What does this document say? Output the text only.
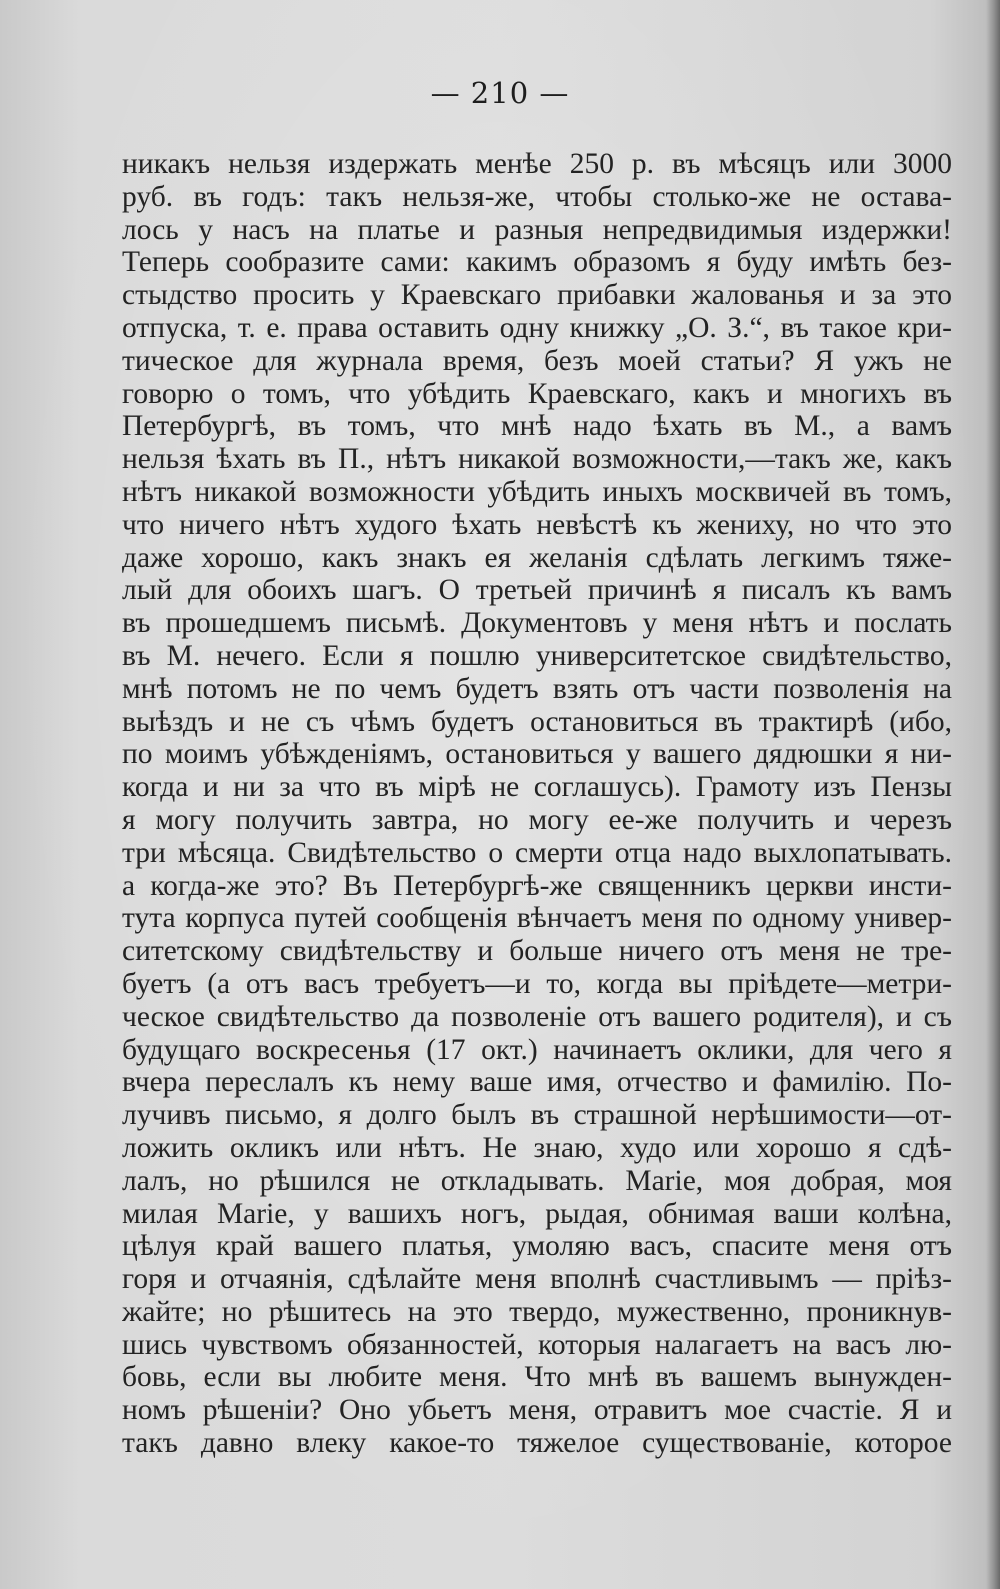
— 210 —
никакъ нельзя издержать менѣе 250 р. въ мѣсяцъ или 3000
руб. въ годъ: такъ нельзя-же, чтобы столько-же не остава-
лось у насъ на платье и разныя непредвидимыя издержки!
Теперь сообразите сами: какимъ образомъ я буду имѣть без-
стыдство просить у Краевскаго прибавки жалованья и за это
отпуска, т. е. права оставить одну книжку „О. З.“, въ такое кри-
тическое для журнала время, безъ моей статьи? Я ужъ не
говорю о томъ, что убѣдить Краевскаго, какъ и многихъ въ
Петербургѣ, въ томъ, что мнѣ надо ѣхать въ М., а вамъ
нельзя ѣхать въ П., нѣтъ никакой возможности,—такъ же, какъ
нѣтъ никакой возможности убѣдить иныхъ москвичей въ томъ,
что ничего нѣтъ худого ѣхать невѣстѣ къ жениху, но что это
даже хорошо, какъ знакъ ея желанія сдѣлать легкимъ тяже-
лый для обоихъ шагъ. О третьей причинѣ я писалъ къ вамъ
въ прошедшемъ письмѣ. Документовъ у меня нѣтъ и послать
въ М. нечего. Если я пошлю университетское свидѣтельство,
мнѣ потомъ не по чемъ будетъ взять отъ части позволенія на
выѣздъ и не съ чѣмъ будетъ остановиться въ трактирѣ (ибо,
по моимъ убѣжденіямъ, остановиться у вашего дядюшки я ни-
когда и ни за что въ мірѣ не соглашусь). Грамоту изъ Пензы
я могу получить завтра, но могу ее-же получить и черезъ
три мѣсяца. Свидѣтельство о смерти отца надо выхлопатывать.
а когда-же это? Въ Петербургѣ-же священникъ церкви инсти-
тута корпуса путей сообщенія вѣнчаетъ меня по одному универ-
ситетскому свидѣтельству и больше ничего отъ меня не тре-
буетъ (а отъ васъ требуетъ—и то, когда вы пріѣдете—метри-
ческое свидѣтельство да позволеніе отъ вашего родителя), и съ
будущаго воскресенья (17 окт.) начинаетъ оклики, для чего я
вчера переслалъ къ нему ваше имя, отчество и фамилію. По-
лучивъ письмо, я долго былъ въ страшной нерѣшимости—от-
ложить окликъ или нѣтъ. Не знаю, худо или хорошо я сдѣ-
лалъ, но рѣшился не откладывать. Marie, моя добрая, моя
милая Marie, у вашихъ ногъ, рыдая, обнимая ваши колѣна,
цѣлуя край вашего платья, умоляю васъ, спасите меня отъ
горя и отчаянія, сдѣлайте меня вполнѣ счастливымъ — пріѣз-
жайте; но рѣшитесь на это твердо, мужественно, проникнув-
шись чувствомъ обязанностей, которыя налагаетъ на васъ лю-
бовь, если вы любите меня. Что мнѣ въ вашемъ вынужден-
номъ рѣшеніи? Оно убьетъ меня, отравитъ мое счастіе. Я и
такъ давно влеку какое-то тяжелое существованіе, которое
